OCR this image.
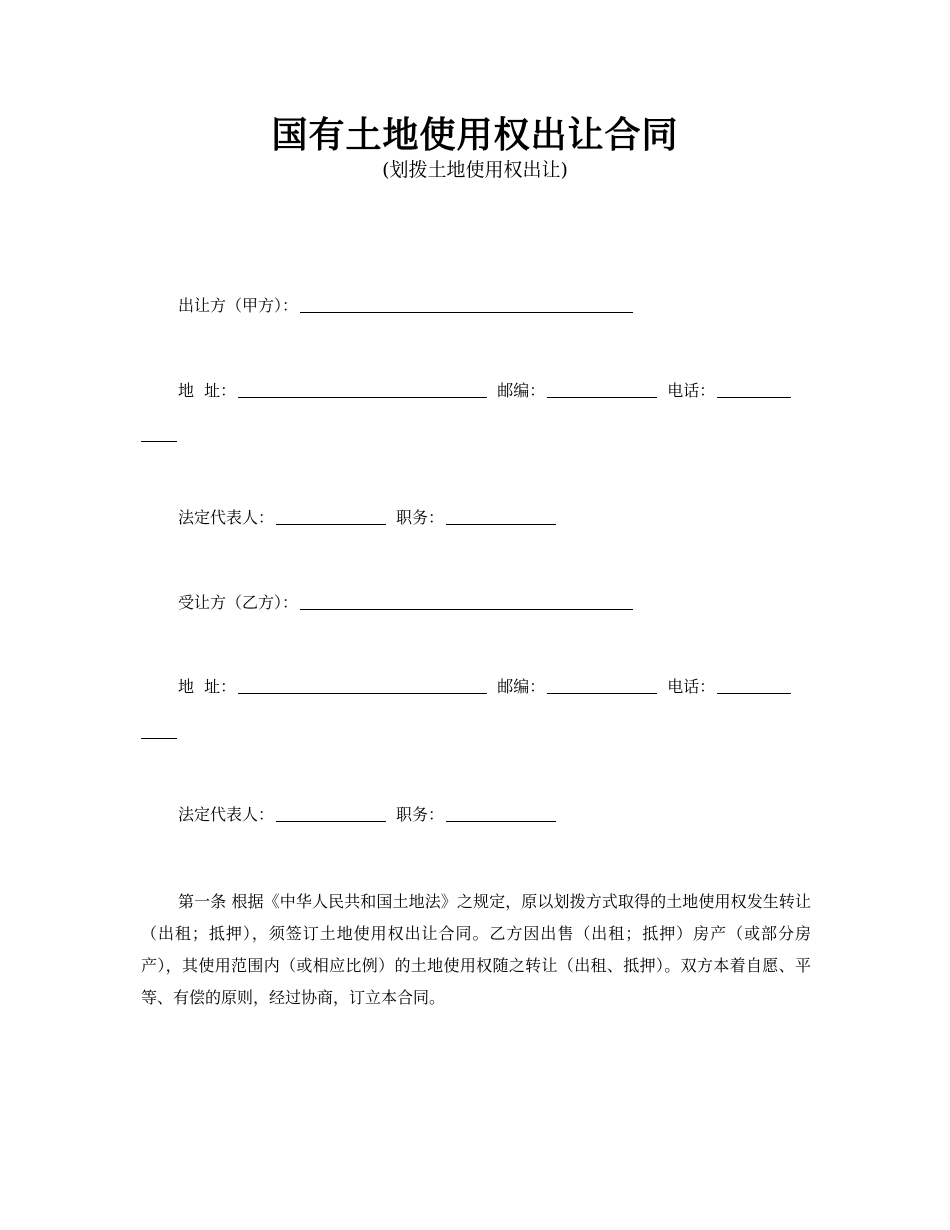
国有土地使用权出让合同
(划拨土地使用权出让)
出让方（甲方）：
地  址：	邮编：	电话：
法定代表人：	职务：
受让方（乙方）：
地  址：	邮编：	电话：
法定代表人：	职务：
第一条 根据《中华人民共和国土地法》之规定，原以划拨方式取得的土地使用权发生转让（出租；抵押），须签订土地使用权出让合同。乙方因出售（出租；抵押）房产（或部分房产），其使用范围内（或相应比例）的土地使用权随之转让（出租、抵押）。双方本着自愿、平等、有偿的原则，经过协商，订立本合同。
